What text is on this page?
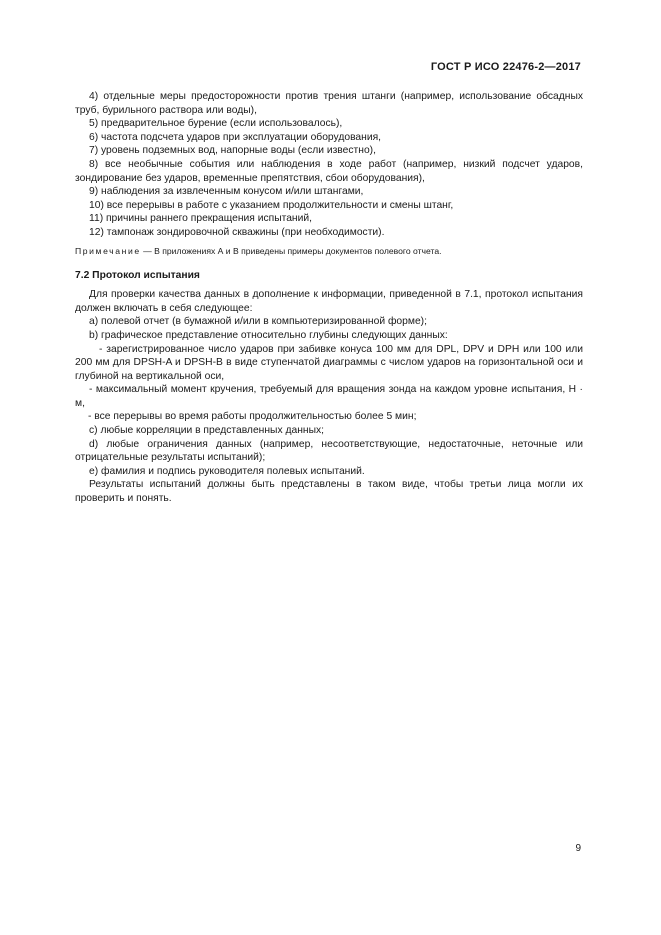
ГОСТ Р ИСО 22476-2—2017

4) отдельные меры предосторожности против трения штанги (например, использование обсадных труб, бурильного раствора или воды),

5) предварительное бурение (если использовалось),

6) частота подсчета ударов при эксплуатации оборудования,

7) уровень подземных вод, напорные воды (если известно),

8) все необычные события или наблюдения в ходе работ (например, низкий подсчет ударов, зондирование без ударов, временные препятствия, сбои оборудования),

9) наблюдения за извлеченным конусом и/или штангами,

10) все перерывы в работе с указанием продолжительности и смены штанг,

11) причины раннего прекращения испытаний,

12) тампонаж зондировочной скважины (при необходимости).

Примечание — В приложениях А и В приведены примеры документов полевого отчета.

7.2 Протокол испытания

Для проверки качества данных в дополнение к информации, приведенной в 7.1, протокол испытания должен включать в себя следующее:

a) полевой отчет (в бумажной и/или в компьютеризированной форме);

b) графическое представление относительно глубины следующих данных:

- зарегистрированное число ударов при забивке конуса 100 мм для DPL, DPV и DPH или 100 или 200 мм для DPSH-A и DPSH-B в виде ступенчатой диаграммы с числом ударов на горизонтальной оси и глубиной на вертикальной оси,

- максимальный момент кручения, требуемый для вращения зонда на каждом уровне испытания, Н · м,

- все перерывы во время работы продолжительностью более 5 мин;

c) любые корреляции в представленных данных;

d) любые ограничения данных (например, несоответствующие, недостаточные, неточные или отрицательные результаты испытаний);

e) фамилия и подпись руководителя полевых испытаний.

Результаты испытаний должны быть представлены в таком виде, чтобы третьи лица могли их проверить и понять.

9
